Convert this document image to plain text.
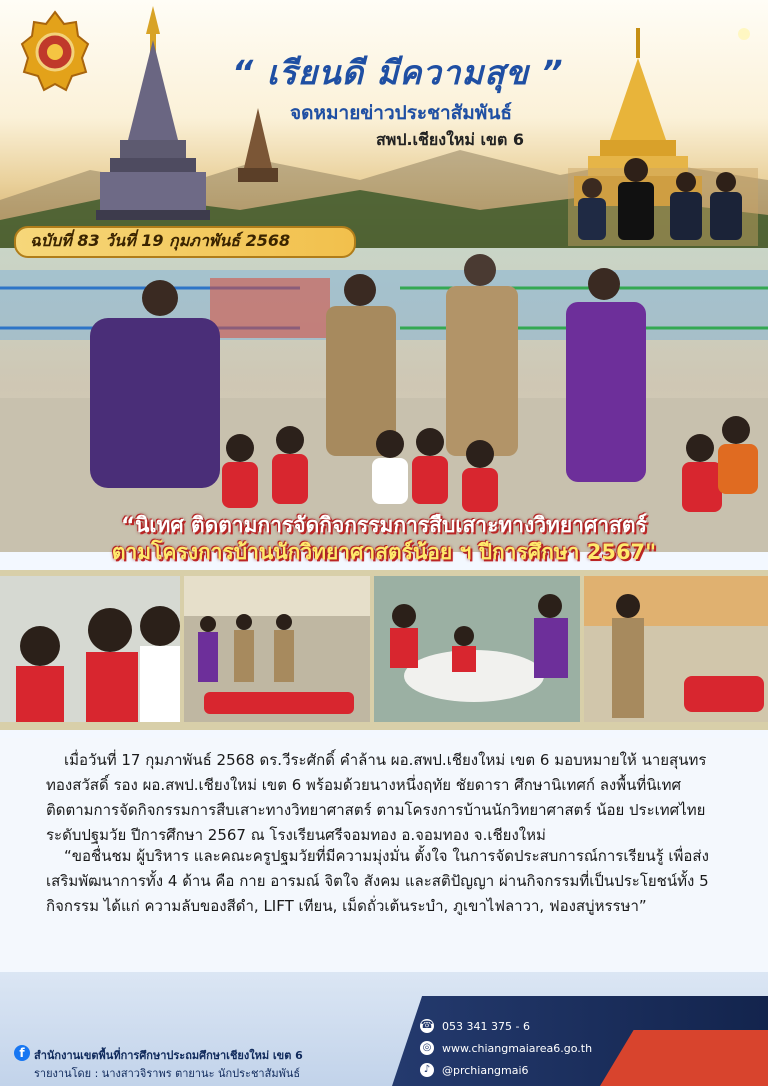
“ เรียนดี มีความสุข ”
จดหมายข่าวประชาสัมพันธ์
สพป.เชียงใหม่ เขต 6
ฉบับที่ 83 วันที่ 19 กุมภาพันธ์ 2568
“นิเทศ ติดตามการจัดกิจกรรมการสืบเสาะทางวิทยาศาสตร์
ตามโครงการบ้านนักวิทยาศาสตร์น้อย ฯ ปีการศึกษา 2567"
เมื่อวันที่ 17 กุมภาพันธ์ 2568 ดร.วีระศักดิ์ คำล้าน ผอ.สพป.เชียงใหม่ เขต 6 มอบหมายให้ นายสุนทร ทองสวัสดิ์ รอง ผอ.สพป.เชียงใหม่ เขต 6 พร้อมด้วยนางหนึ่งฤทัย ชัยดารา ศึกษานิเทศก์ ลงพื้นที่นิเทศ ติดตามการจัดกิจกรรมการสืบเสาะทางวิทยาศาสตร์ ตามโครงการบ้านนักวิทยาศาสตร์ น้อย ประเทศไทย ระดับปฐมวัย ปีการศึกษา 2567 ณ โรงเรียนศรีจอมทอง อ.จอมทอง จ.เชียงใหม่
“ขอชื่นชม ผู้บริหาร และคณะครูปฐมวัยที่มีความมุ่งมั่น ตั้งใจ ในการจัดประสบการณ์การเรียนรู้ เพื่อส่งเสริมพัฒนาการทั้ง 4 ด้าน คือ กาย อารมณ์ จิตใจ สังคม และสติปัญญา ผ่านกิจกรรมที่เป็นประโยชน์ทั้ง 5 กิจกรรม ได้แก่ ความลับของสีดำ, LIFT เทียน, เม็ดถั่วเต้นระบำ, ภูเขาไฟลาวา, ฟองสบู่หรรษา”
f สำนักงานเขตพื้นที่การศึกษาประถมศึกษาเชียงใหม่ เขต 6
รายงานโดย : นางสาวจิราพร ตายานะ นักประชาสัมพันธ์
☎ 053 341 375 - 6
◎ www.chiangmaiarea6.go.th
♪	@prchiangmai6
